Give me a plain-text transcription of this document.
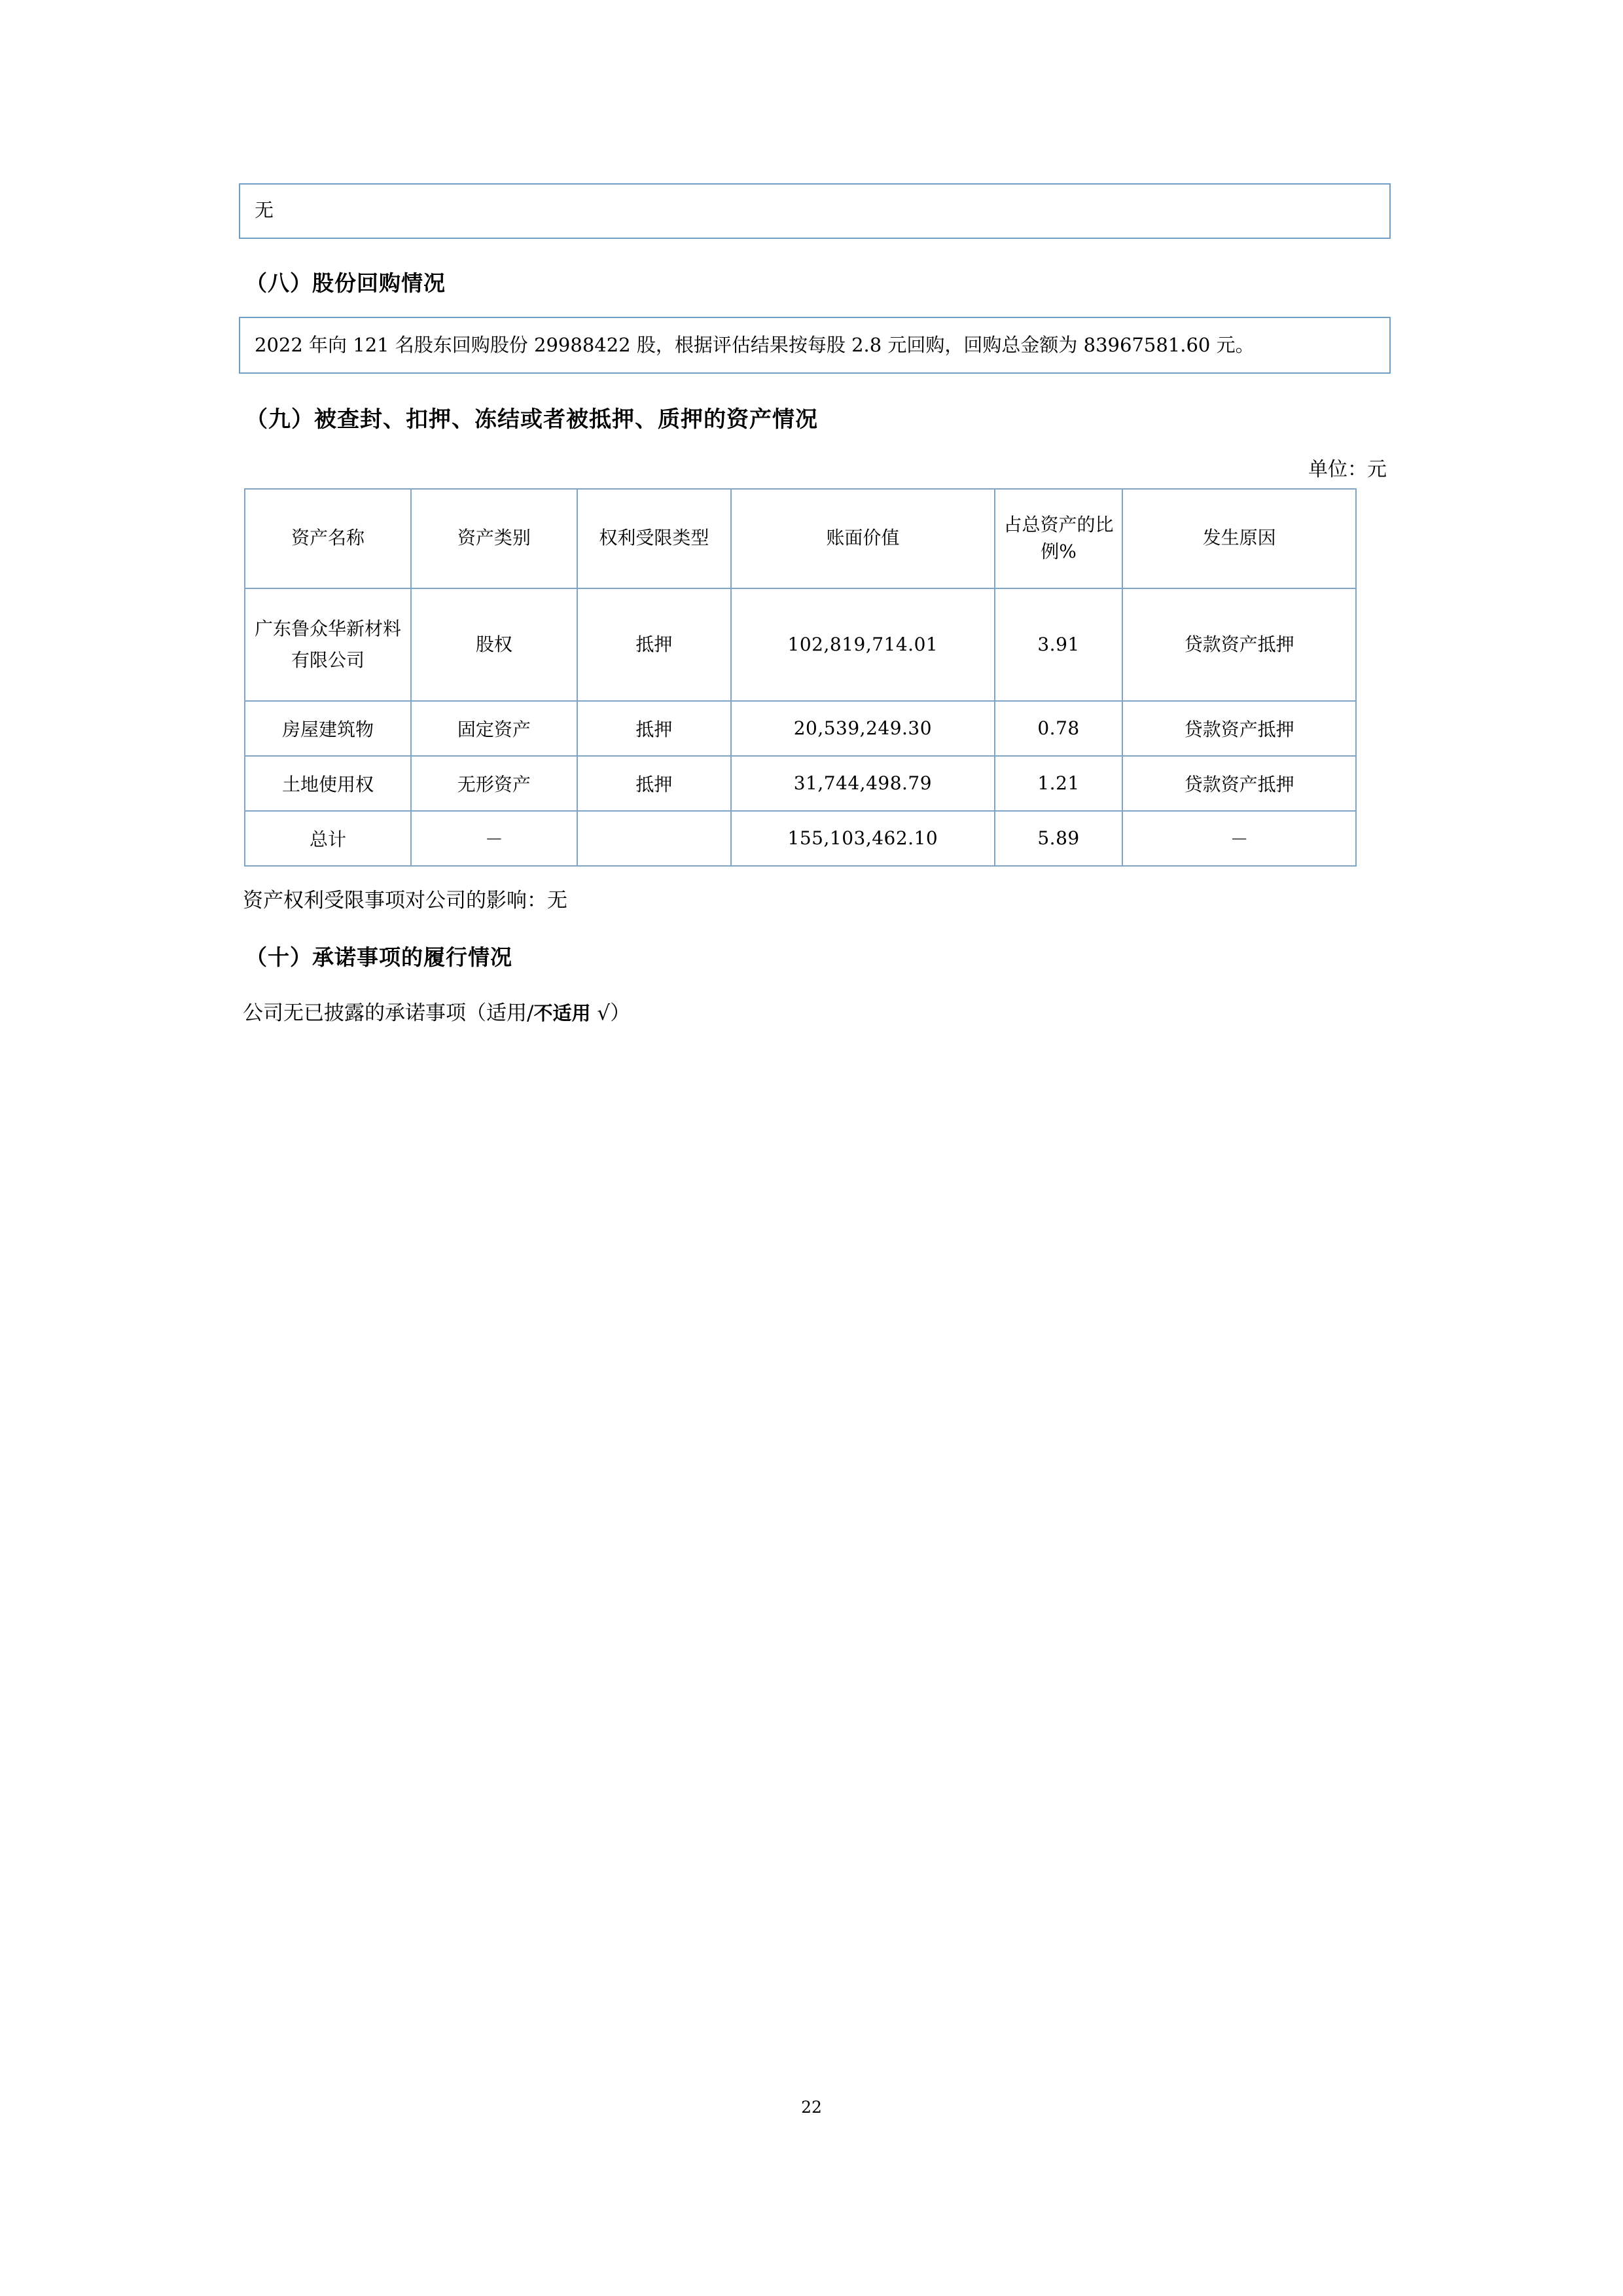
无
（八）股份回购情况
2022 年向 121 名股东回购股份 29988422 股，根据评估结果按每股 2.8 元回购，回购总金额为 83967581.60 元。
（九）被查封、扣押、冻结或者被抵押、质押的资产情况
单位：元
资产名称	资产类别	权利受限类型	账面价值	占总资产的比例%	发生原因
广东鲁众华新材料有限公司	股权	抵押	102,819,714.01	3.91	贷款资产抵押
房屋建筑物	固定资产	抵押	20,539,249.30	0.78	贷款资产抵押
土地使用权	无形资产	抵押	31,744,498.79	1.21	贷款资产抵押
总计	－		155,103,462.10	5.89	－

资产权利受限事项对公司的影响：无

（十）承诺事项的履行情况

公司无已披露的承诺事项（适用/不适用 √）

22
